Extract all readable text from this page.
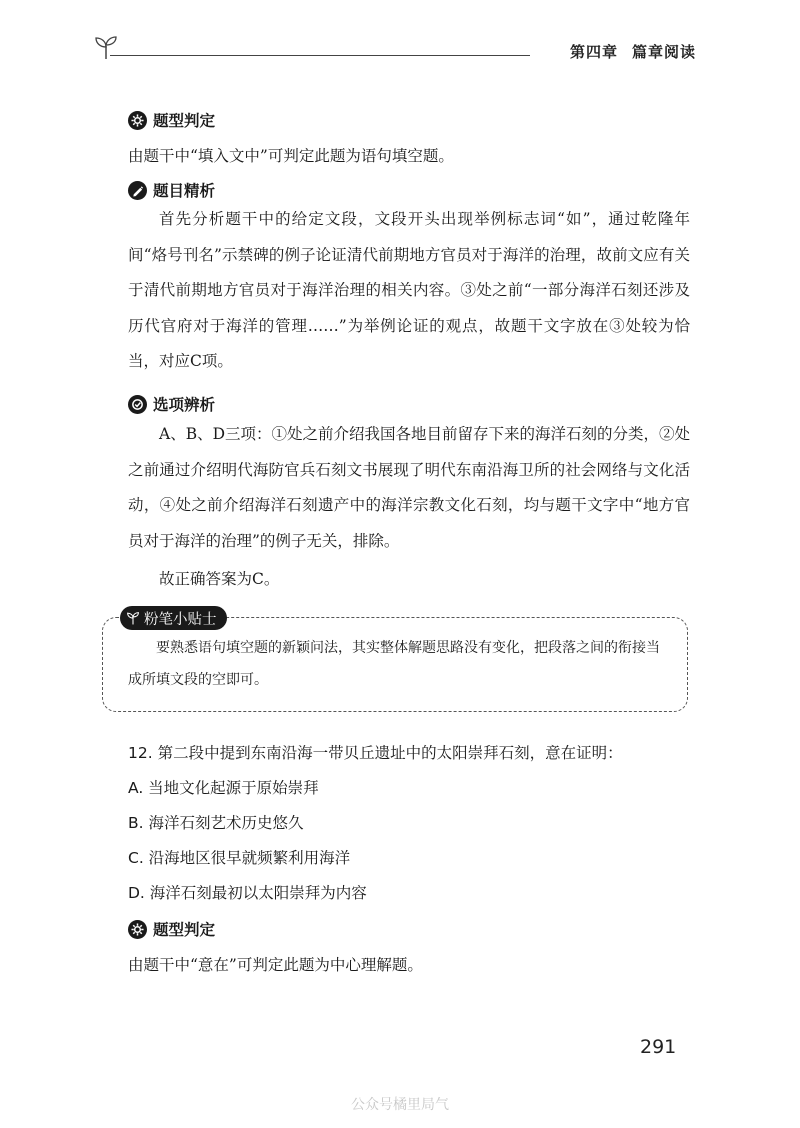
第四章 篇章阅读
题型判定

由题干中“填入文中”可判定此题为语句填空题。

题目精析

首先分析题干中的给定文段，文段开头出现举例标志词“如”，通过乾隆年间“烙号刊名”示禁碑的例子论证清代前期地方官员对于海洋的治理，故前文应有关于清代前期地方官员对于海洋治理的相关内容。③处之前“一部分海洋石刻还涉及历代官府对于海洋的管理……”为举例论证的观点，故题干文字放在③处较为恰当，对应C项。

选项辨析

A、B、D三项：①处之前介绍我国各地目前留存下来的海洋石刻的分类，②处之前通过介绍明代海防官兵石刻文书展现了明代东南沿海卫所的社会网络与文化活动，④处之前介绍海洋石刻遗产中的海洋宗教文化石刻，均与题干文字中“地方官员对于海洋的治理”的例子无关，排除。

故正确答案为C。

粉笔小贴士

要熟悉语句填空题的新颖问法，其实整体解题思路没有变化，把段落之间的衔接当成所填文段的空即可。

12. 第二段中提到东南沿海一带贝丘遗址中的太阳崇拜石刻，意在证明：

A. 当地文化起源于原始崇拜

B. 海洋石刻艺术历史悠久

C. 沿海地区很早就频繁利用海洋

D. 海洋石刻最初以太阳崇拜为内容

题型判定

由题干中“意在”可判定此题为中心理解题。

291
公众号橘里局气
